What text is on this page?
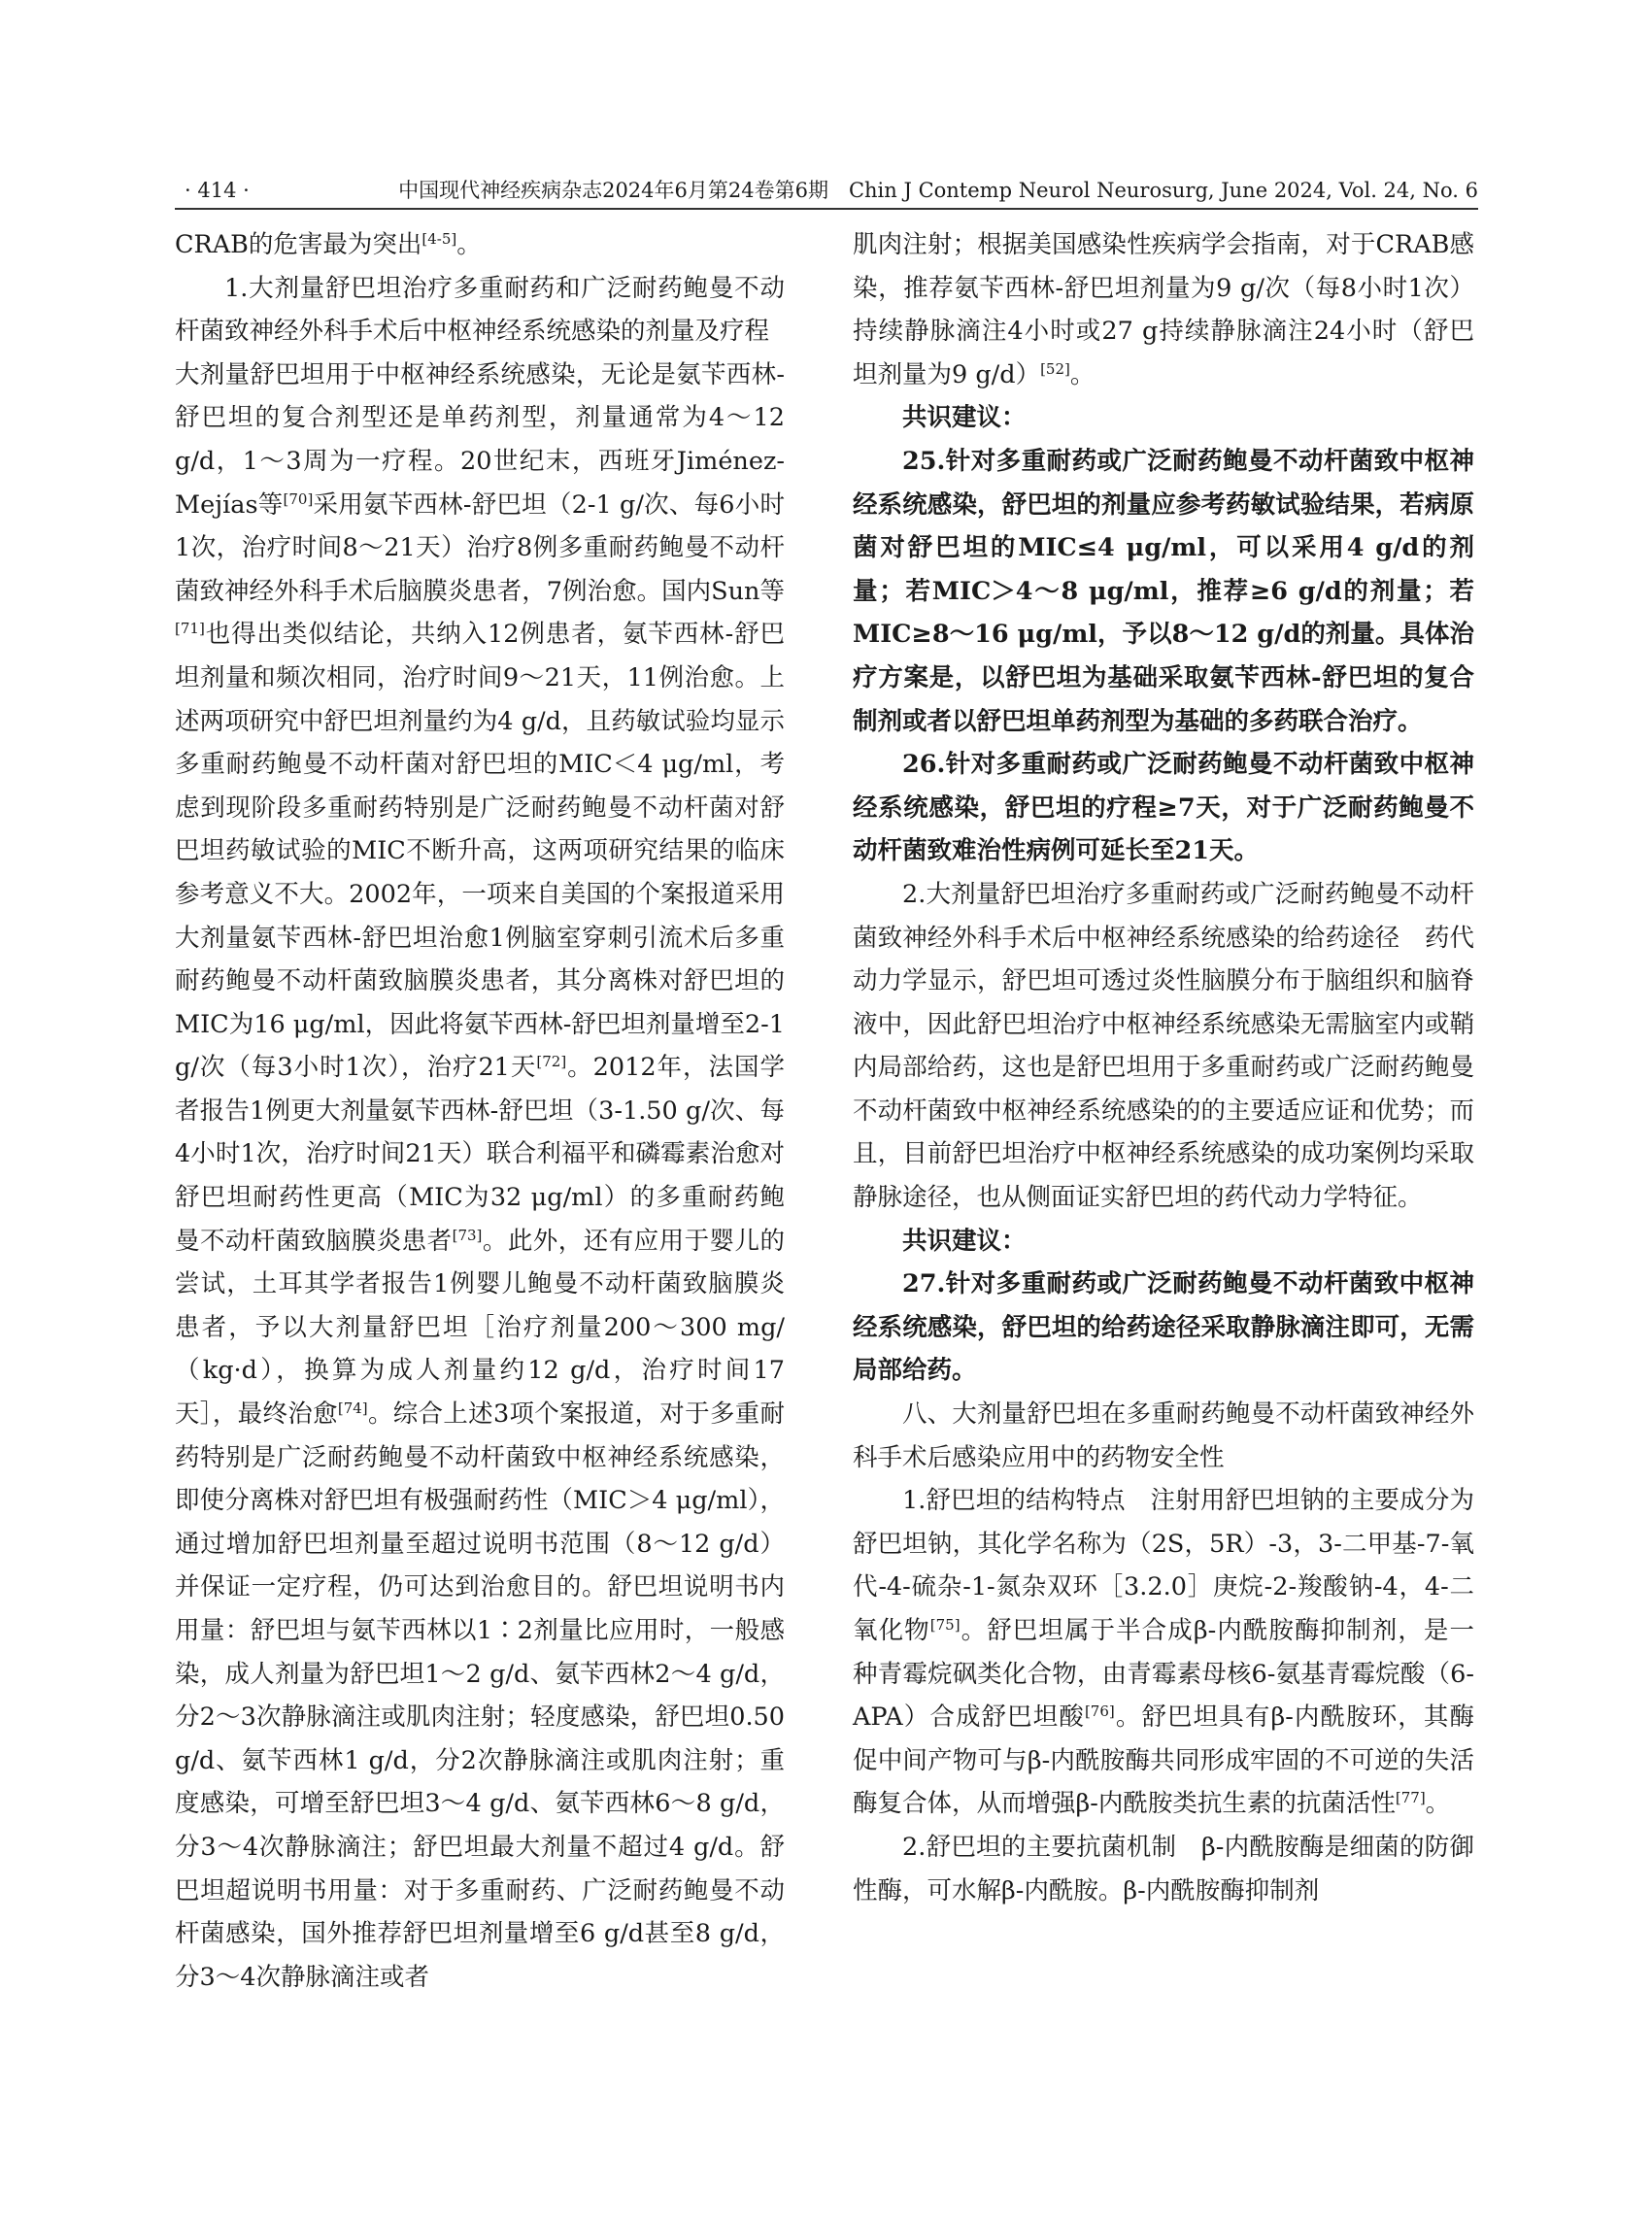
· 414 ·	中国现代神经疾病杂志2024年6月第24卷第6期　Chin J Contemp Neurol Neurosurg, June 2024, Vol. 24, No. 6

CRAB的危害最为突出[4-5]。

1.大剂量舒巴坦治疗多重耐药和广泛耐药鲍曼不动杆菌致神经外科手术后中枢神经系统感染的剂量及疗程　大剂量舒巴坦用于中枢神经系统感染，无论是氨苄西林-舒巴坦的复合剂型还是单药剂型，剂量通常为4～12 g/d，1～3周为一疗程。20世纪末，西班牙Jiménez-Mejías等[70]采用氨苄西林-舒巴坦（2-1 g/次、每6小时1次，治疗时间8～21天）治疗8例多重耐药鲍曼不动杆菌致神经外科手术后脑膜炎患者，7例治愈。国内Sun等[71]也得出类似结论，共纳入12例患者，氨苄西林-舒巴坦剂量和频次相同，治疗时间9～21天，11例治愈。上述两项研究中舒巴坦剂量约为4 g/d，且药敏试验均显示多重耐药鲍曼不动杆菌对舒巴坦的MIC＜4 μg/ml，考虑到现阶段多重耐药特别是广泛耐药鲍曼不动杆菌对舒巴坦药敏试验的MIC不断升高，这两项研究结果的临床参考意义不大。2002年，一项来自美国的个案报道采用大剂量氨苄西林-舒巴坦治愈1例脑室穿刺引流术后多重耐药鲍曼不动杆菌致脑膜炎患者，其分离株对舒巴坦的MIC为16 μg/ml，因此将氨苄西林-舒巴坦剂量增至2-1 g/次（每3小时1次），治疗21天[72]。2012年，法国学者报告1例更大剂量氨苄西林-舒巴坦（3-1.50 g/次、每4小时1次，治疗时间21天）联合利福平和磷霉素治愈对舒巴坦耐药性更高（MIC为32 μg/ml）的多重耐药鲍曼不动杆菌致脑膜炎患者[73]。此外，还有应用于婴儿的尝试，土耳其学者报告1例婴儿鲍曼不动杆菌致脑膜炎患者，予以大剂量舒巴坦［治疗剂量200～300 mg/（kg·d），换算为成人剂量约12 g/d，治疗时间17天］，最终治愈[74]。综合上述3项个案报道，对于多重耐药特别是广泛耐药鲍曼不动杆菌致中枢神经系统感染，即使分离株对舒巴坦有极强耐药性（MIC＞4 μg/ml），通过增加舒巴坦剂量至超过说明书范围（8～12 g/d）并保证一定疗程，仍可达到治愈目的。舒巴坦说明书内用量：舒巴坦与氨苄西林以1∶2剂量比应用时，一般感染，成人剂量为舒巴坦1～2 g/d、氨苄西林2～4 g/d，分2～3次静脉滴注或肌肉注射；轻度感染，舒巴坦0.50 g/d、氨苄西林1 g/d，分2次静脉滴注或肌肉注射；重度感染，可增至舒巴坦3～4 g/d、氨苄西林6～8 g/d，分3～4次静脉滴注；舒巴坦最大剂量不超过4 g/d。舒巴坦超说明书用量：对于多重耐药、广泛耐药鲍曼不动杆菌感染，国外推荐舒巴坦剂量增至6 g/d甚至8 g/d，分3～4次静脉滴注或者

肌肉注射；根据美国感染性疾病学会指南，对于CRAB感染，推荐氨苄西林-舒巴坦剂量为9 g/次（每8小时1次）持续静脉滴注4小时或27 g持续静脉滴注24小时（舒巴坦剂量为9 g/d）[52]。

共识建议：

25.针对多重耐药或广泛耐药鲍曼不动杆菌致中枢神经系统感染，舒巴坦的剂量应参考药敏试验结果，若病原菌对舒巴坦的MIC≤4 μg/ml，可以采用4 g/d的剂量；若MIC＞4～8 μg/ml，推荐≥6 g/d的剂量；若MIC≥8～16 μg/ml，予以8～12 g/d的剂量。具体治疗方案是，以舒巴坦为基础采取氨苄西林-舒巴坦的复合制剂或者以舒巴坦单药剂型为基础的多药联合治疗。

26.针对多重耐药或广泛耐药鲍曼不动杆菌致中枢神经系统感染，舒巴坦的疗程≥7天，对于广泛耐药鲍曼不动杆菌致难治性病例可延长至21天。

2.大剂量舒巴坦治疗多重耐药或广泛耐药鲍曼不动杆菌致神经外科手术后中枢神经系统感染的给药途径　药代动力学显示，舒巴坦可透过炎性脑膜分布于脑组织和脑脊液中，因此舒巴坦治疗中枢神经系统感染无需脑室内或鞘内局部给药，这也是舒巴坦用于多重耐药或广泛耐药鲍曼不动杆菌致中枢神经系统感染的的主要适应证和优势；而且，目前舒巴坦治疗中枢神经系统感染的成功案例均采取静脉途径，也从侧面证实舒巴坦的药代动力学特征。

共识建议：

27.针对多重耐药或广泛耐药鲍曼不动杆菌致中枢神经系统感染，舒巴坦的给药途径采取静脉滴注即可，无需局部给药。

八、大剂量舒巴坦在多重耐药鲍曼不动杆菌致神经外科手术后感染应用中的药物安全性

1.舒巴坦的结构特点　注射用舒巴坦钠的主要成分为舒巴坦钠，其化学名称为（2S，5R）-3，3-二甲基-7-氧代-4-硫杂-1-氮杂双环［3.2.0］庚烷-2-羧酸钠-4，4-二氧化物[75]。舒巴坦属于半合成β-内酰胺酶抑制剂，是一种青霉烷砜类化合物，由青霉素母核6-氨基青霉烷酸（6-APA）合成舒巴坦酸[76]。舒巴坦具有β-内酰胺环，其酶促中间产物可与β-内酰胺酶共同形成牢固的不可逆的失活酶复合体，从而增强β-内酰胺类抗生素的抗菌活性[77]。

2.舒巴坦的主要抗菌机制　β-内酰胺酶是细菌的防御性酶，可水解β-内酰胺。β-内酰胺酶抑制剂
